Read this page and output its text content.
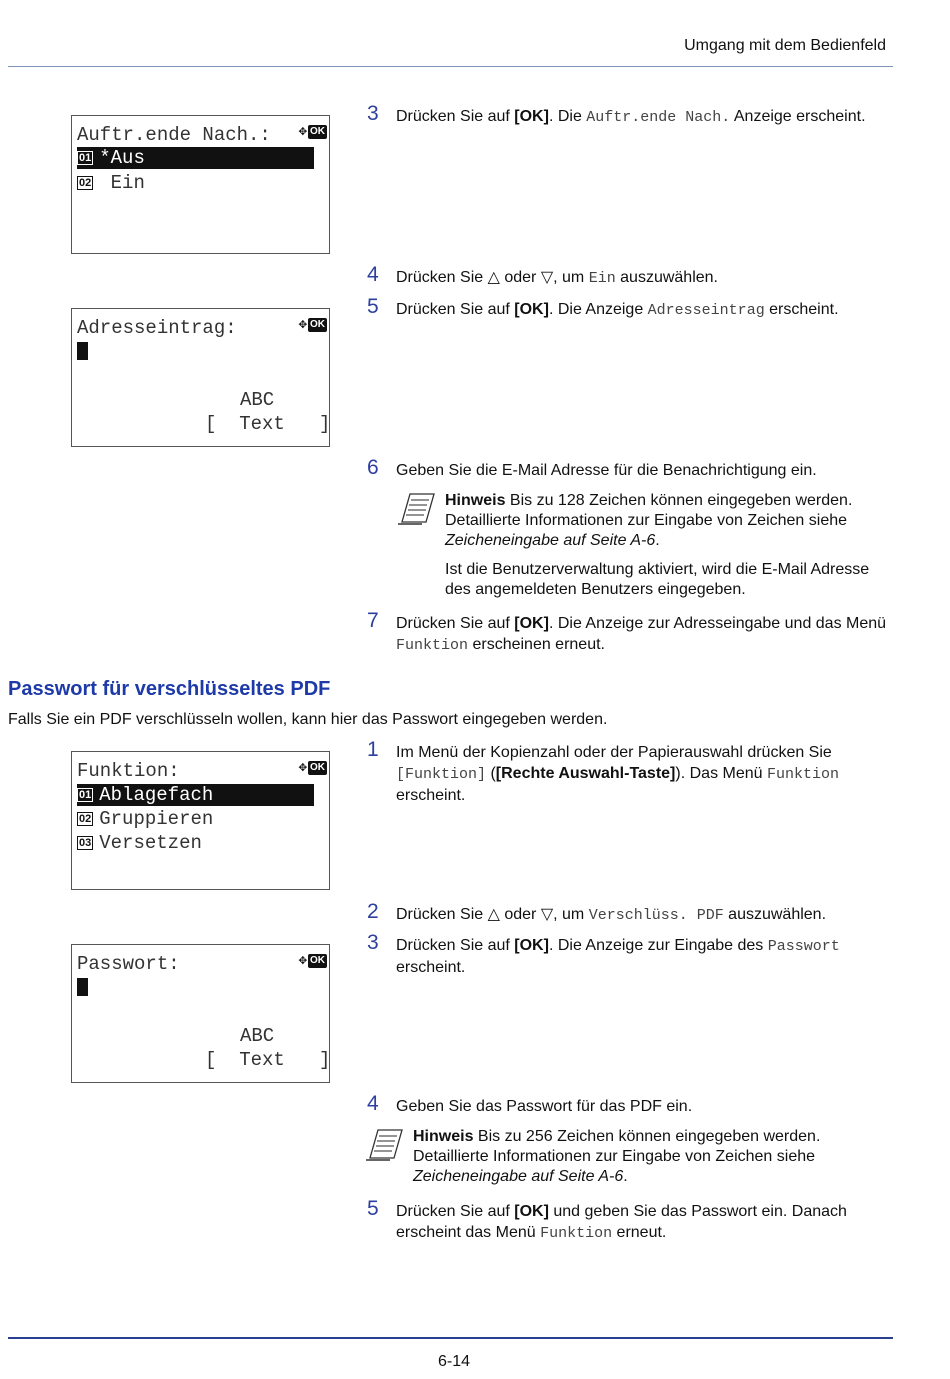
Umgang mit dem Bedienfeld
Auftr.ende Nach.: ✥ OK
01 *Aus
02 Ein
Adresseintrag:	✥ OK
ABC
[  Text   ]
3 Drücken Sie auf [OK]. Die Auftr.ende Nach. Anzeige erscheint.
4 Drücken Sie △ oder ▽, um Ein auszuwählen.
5 Drücken Sie auf [OK]. Die Anzeige Adresseintrag erscheint.
6 Geben Sie die E-Mail Adresse für die Benachrichtigung ein.

Hinweis Bis zu 128 Zeichen können eingegeben werden. Detaillierte Informationen zur Eingabe von Zeichen siehe Zeicheneingabe auf Seite A-6.

Ist die Benutzerverwaltung aktiviert, wird die E-Mail Adresse des angemeldeten Benutzers eingegeben.

7 Drücken Sie auf [OK]. Die Anzeige zur Adresseingabe und das Menü Funktion erscheinen erneut.
Passwort für verschlüsseltes PDF
Falls Sie ein PDF verschlüsseln wollen, kann hier das Passwort eingegeben werden.
Funktion:	✥ OK
01 Ablagefach
02 Gruppieren
03 Versetzen
Passwort:	✥ OK
ABC
[  Text   ]
1 Im Menü der Kopienzahl oder der Papierauswahl drücken Sie [Funktion] ([Rechte Auswahl-Taste]). Das Menü Funktion erscheint.
2 Drücken Sie △ oder ▽, um Verschlüss. PDF auszuwählen.
3 Drücken Sie auf [OK]. Die Anzeige zur Eingabe des Passwort erscheint.
4 Geben Sie das Passwort für das PDF ein.

Hinweis Bis zu 256 Zeichen können eingegeben werden. Detaillierte Informationen zur Eingabe von Zeichen siehe Zeicheneingabe auf Seite A-6.

5 Drücken Sie auf [OK] und geben Sie das Passwort ein. Danach erscheint das Menü Funktion erneut.
6-14
